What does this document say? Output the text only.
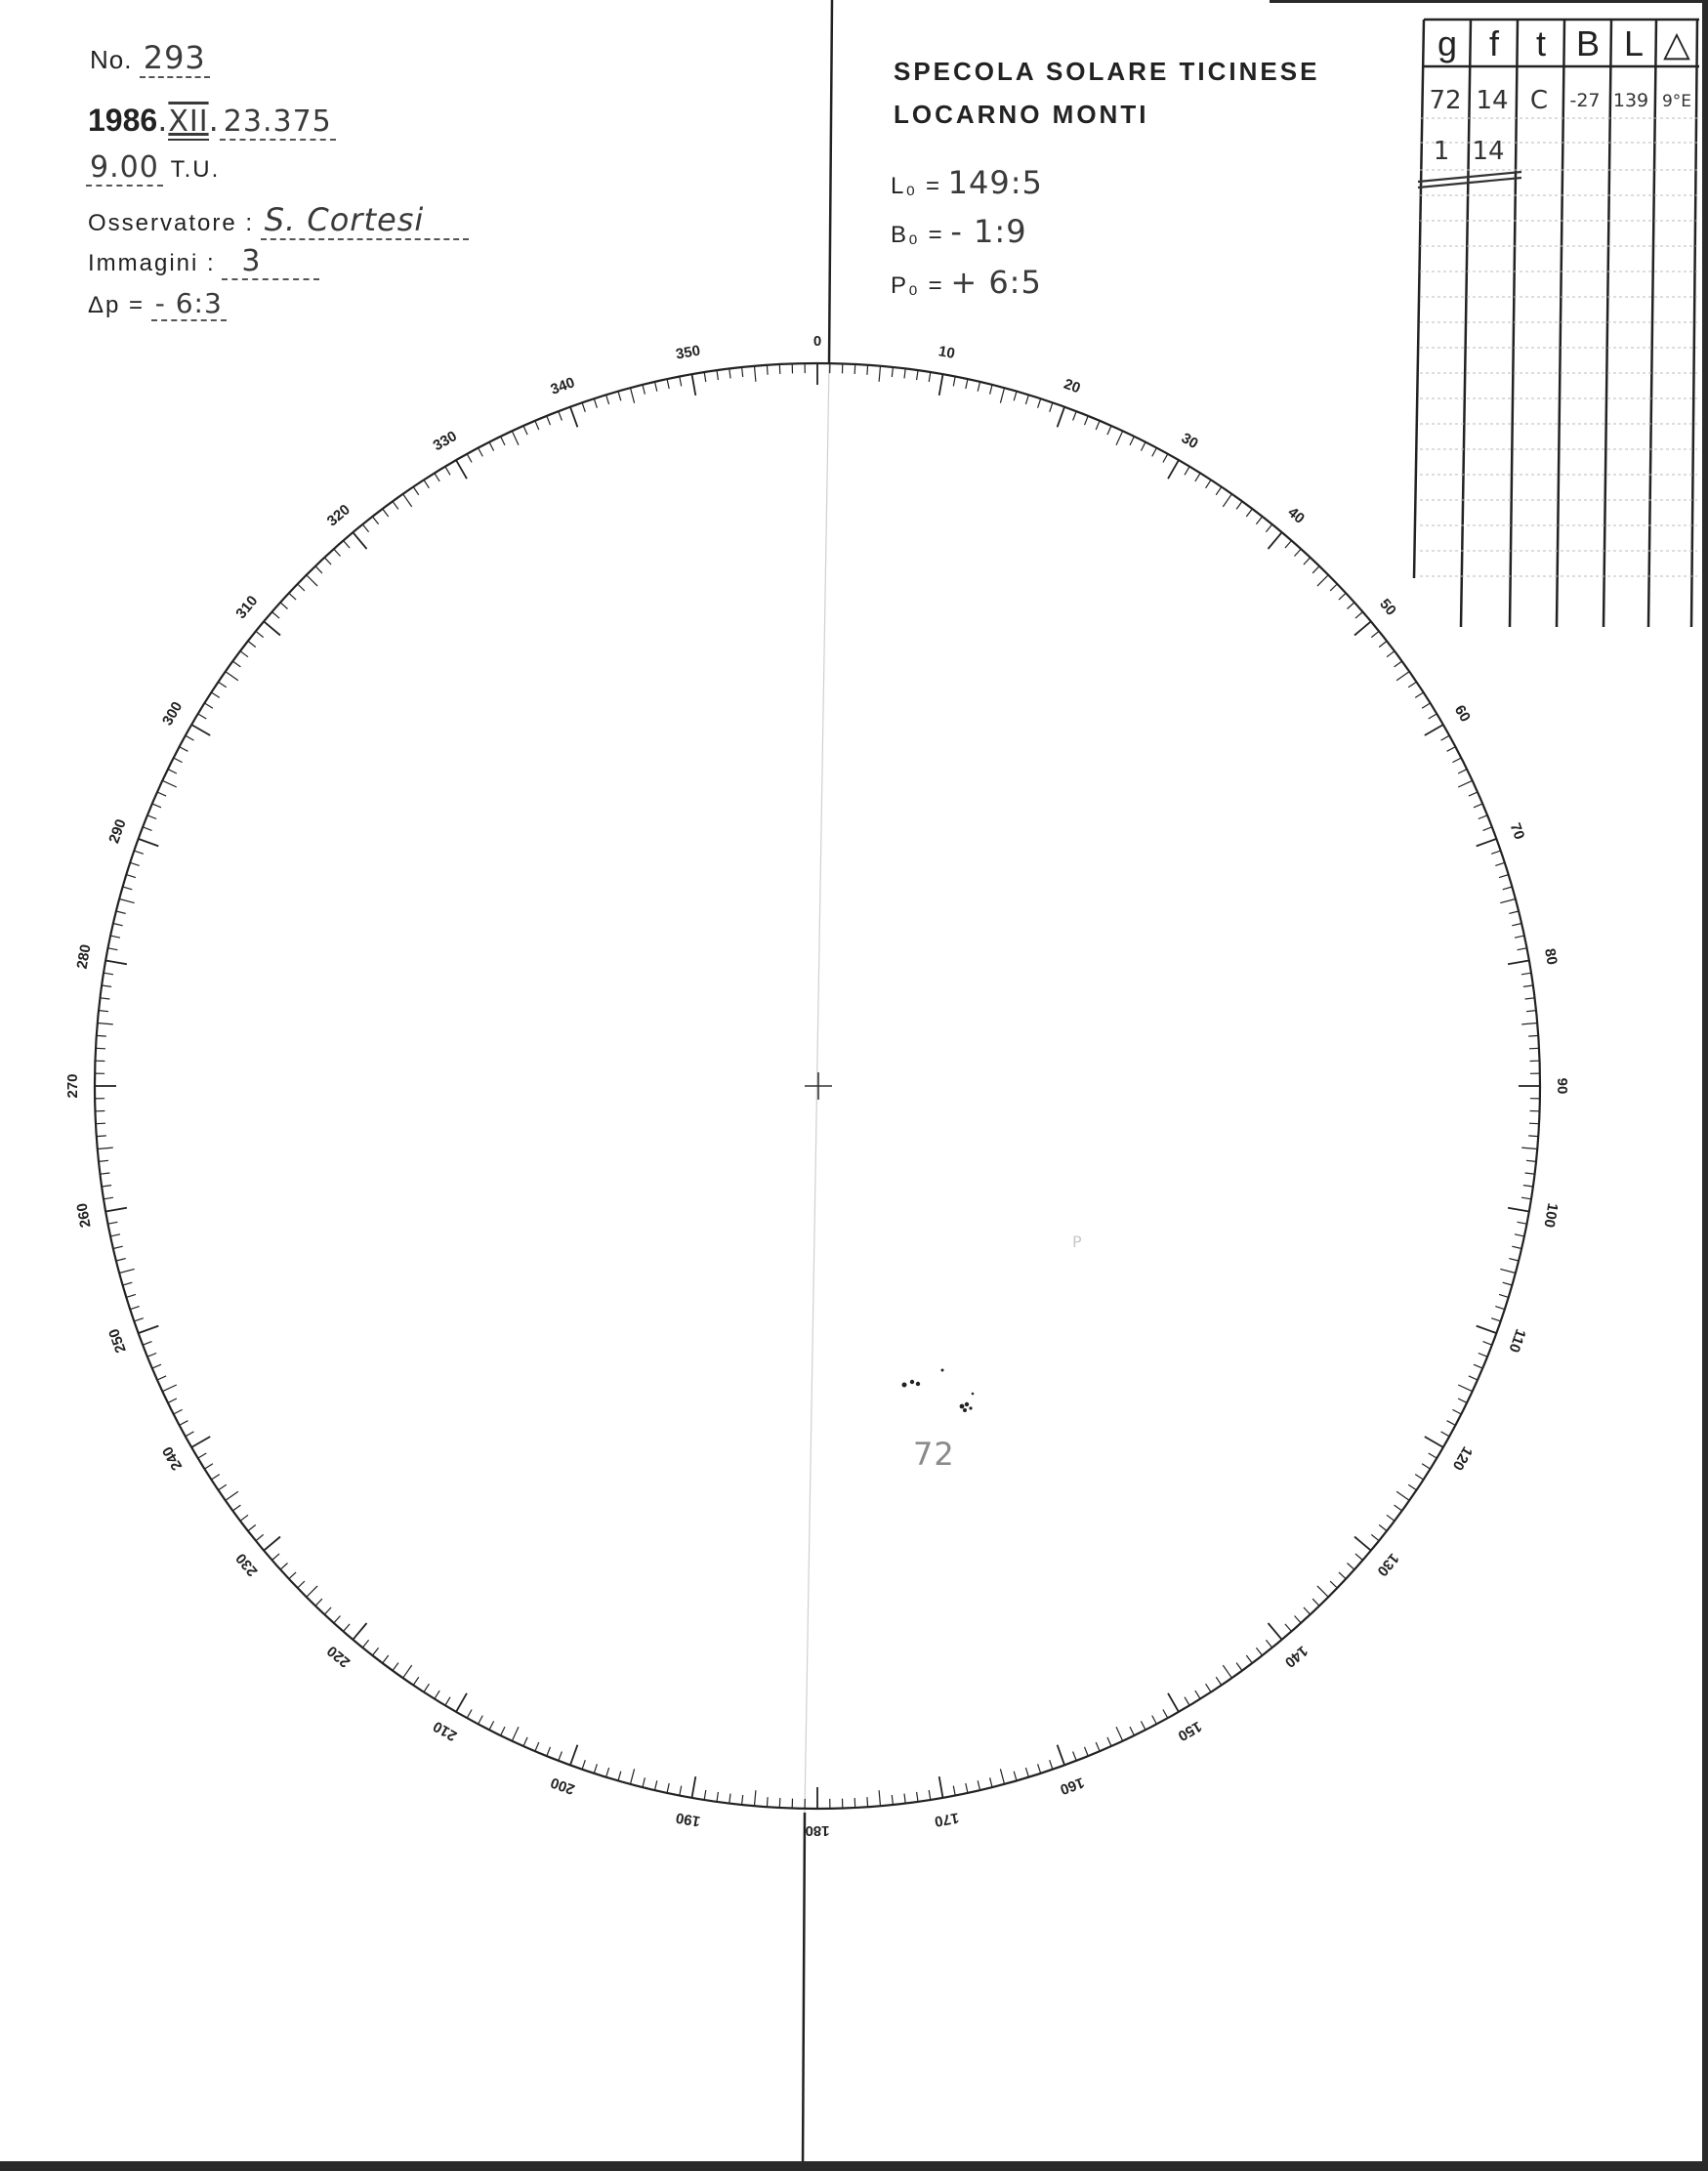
No. 293
1986.XII. 23.375
9.00 T.U.
Osservatore : S. Cortesi
Immagini : 3
Δp = - 6:3
SPECOLA SOLARE TICINESE
LOCARNO MONTI
L₀ = 149:5
B₀ = - 1:9
P₀ = + 6:5
g f	t B L △
72 14 C	-27 139 9°E
1 14
0
10
20
30
40
50
60
70
80
90
100
110
120
130
140
150
160
170
180
190
200
210
220
230
240
250
260
270
280
290
300
310
320
330
340
350
72
P
